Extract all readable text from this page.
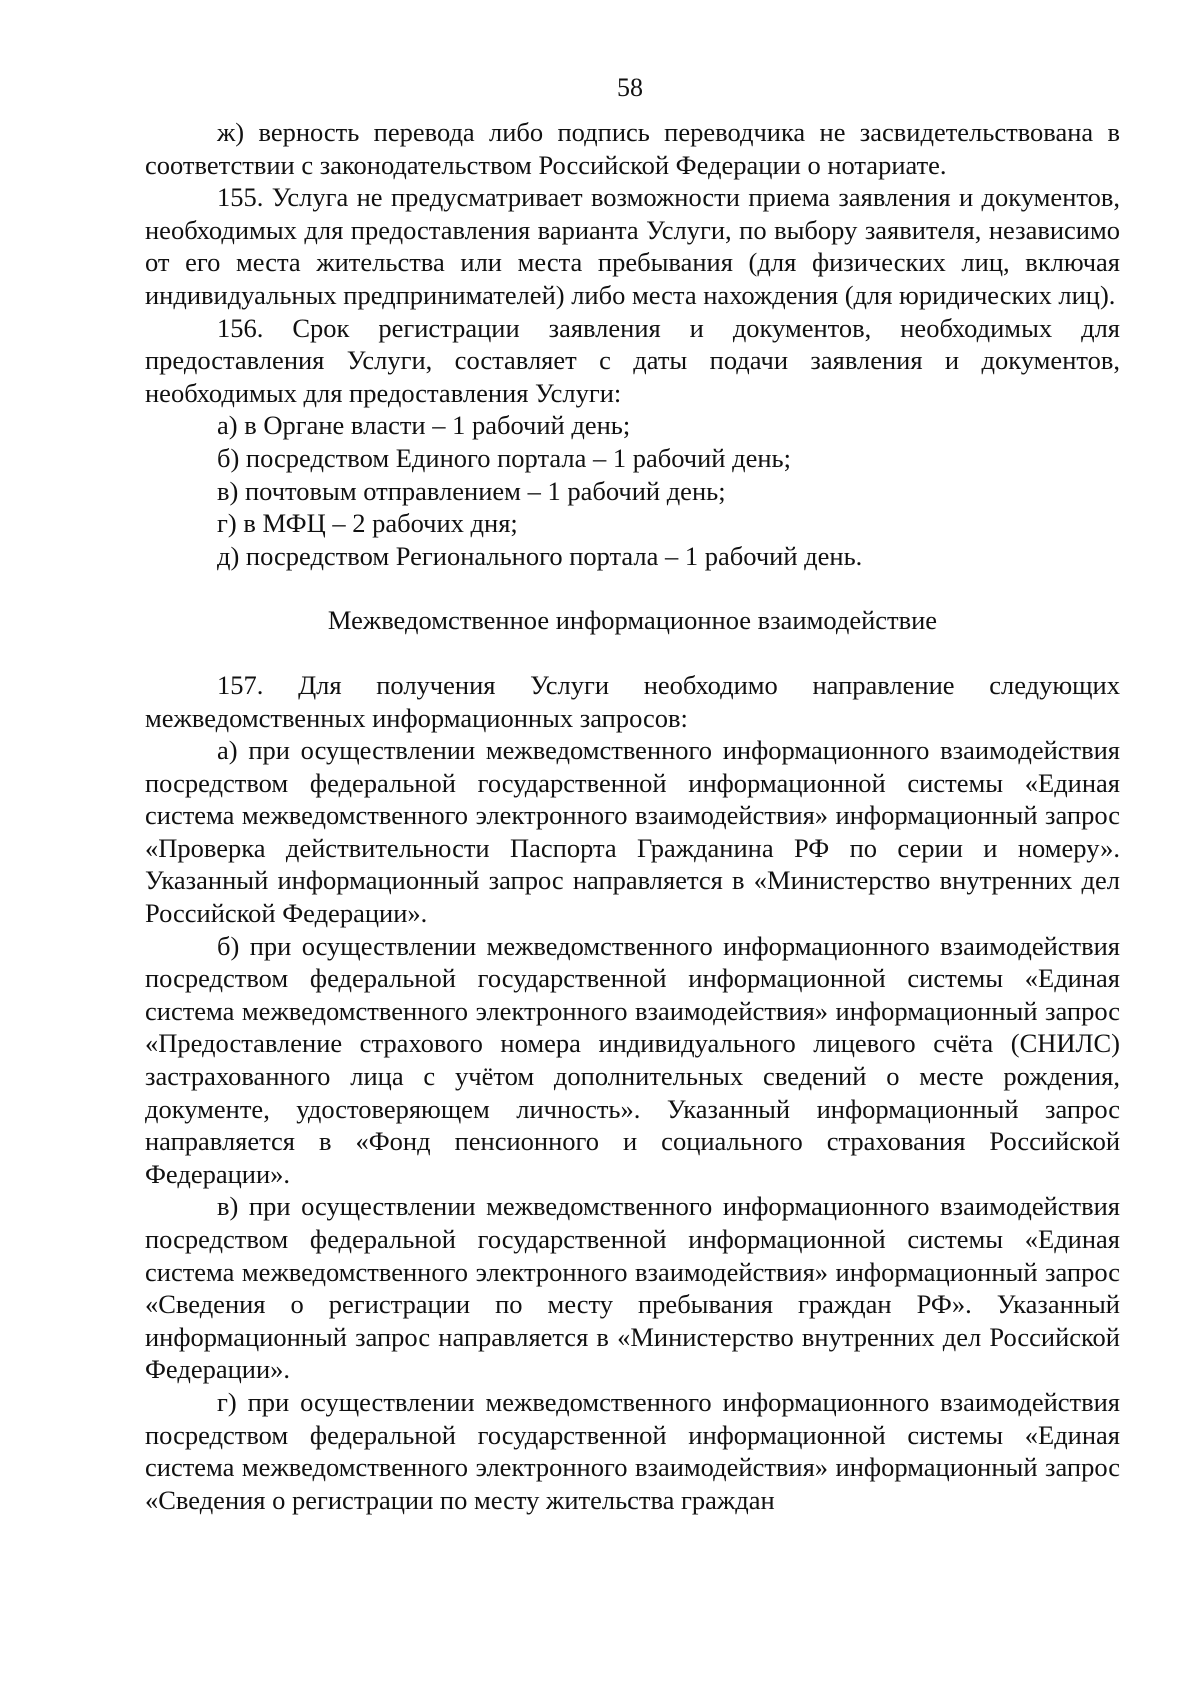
58

ж) верность перевода либо подпись переводчика не засвидетельствована в соответствии с законодательством Российской Федерации о нотариате.

155. Услуга не предусматривает возможности приема заявления и документов, необходимых для предоставления варианта Услуги, по выбору заявителя, независимо от его места жительства или места пребывания (для физических лиц, включая индивидуальных предпринимателей) либо места нахождения (для юридических лиц).

156. Срок регистрации заявления и документов, необходимых для предоставления Услуги, составляет с даты подачи заявления и документов, необходимых для предоставления Услуги:

а) в Органе власти – 1 рабочий день;

б) посредством Единого портала – 1 рабочий день;

в) почтовым отправлением – 1 рабочий день;

г) в МФЦ – 2 рабочих дня;

д) посредством Регионального портала – 1 рабочий день.

Межведомственное информационное взаимодействие

157. Для получения Услуги необходимо направление следующих межведомственных информационных запросов:

а) при осуществлении межведомственного информационного взаимодействия посредством федеральной государственной информационной системы «Единая система межведомственного электронного взаимодействия» информационный запрос «Проверка действительности Паспорта Гражданина РФ по серии и номеру». Указанный информационный запрос направляется в «Министерство внутренних дел Российской Федерации».

б) при осуществлении межведомственного информационного взаимодействия посредством федеральной государственной информационной системы «Единая система межведомственного электронного взаимодействия» информационный запрос «Предоставление страхового номера индивидуального лицевого счёта (СНИЛС) застрахованного лица с учётом дополнительных сведений о месте рождения, документе, удостоверяющем личность». Указанный информационный запрос направляется в «Фонд пенсионного и социального страхования Российской Федерации».

в) при осуществлении межведомственного информационного взаимодействия посредством федеральной государственной информационной системы «Единая система межведомственного электронного взаимодействия» информационный запрос «Сведения о регистрации по месту пребывания граждан РФ». Указанный информационный запрос направляется в «Министерство внутренних дел Российской Федерации».

г) при осуществлении межведомственного информационного взаимодействия посредством федеральной государственной информационной системы «Единая система межведомственного электронного взаимодействия» информационный запрос «Сведения о регистрации по месту жительства граждан
